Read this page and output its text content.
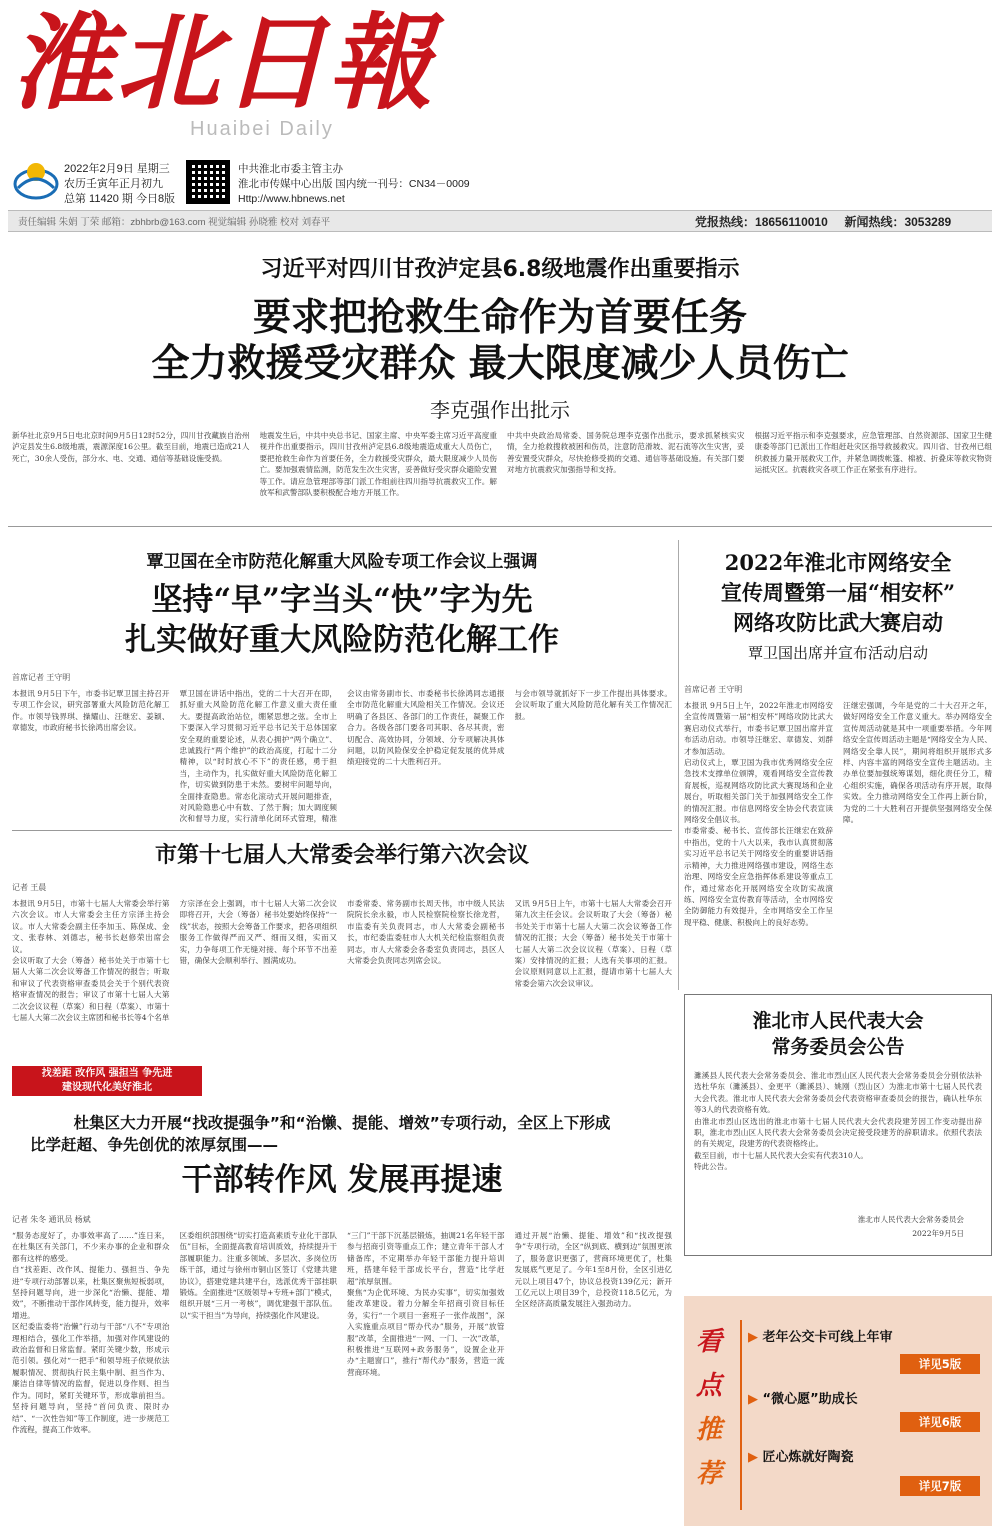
淮北日報
Huaibei Daily
2022年2月9日 星期三
农历壬寅年正月初九
总第 11420 期 今日8版
中共淮北市委主管主办
淮北市传媒中心出版 国内统一刊号：CN34－0009
Http://www.hbnews.net
责任编辑 朱娟 丁荣 邮箱：zbhbrb@163.com 视觉编辑 孙晓雅 校对 刘春平	党报热线：18656110010 新闻热线：3053289
习近平对四川甘孜泸定县6.8级地震作出重要指示
要求把抢救生命作为首要任务
全力救援受灾群众 最大限度减少人员伤亡
李克强作出批示
新华社北京9月5日电北京时间9月5日12时52分，四川甘孜藏族自治州泸定县发生6.8级地震，震源深度16公里。截至目前，地震已造成21人死亡，30余人受伤，部分水、电、交通、通信等基础设施受损。
地震发生后，中共中央总书记、国家主席、中央军委主席习近平高度重视并作出重要指示，四川甘孜州泸定县6.8级地震造成重大人员伤亡，要把抢救生命作为首要任务，全力救援受灾群众，最大限度减少人员伤亡。要加强震情监测，防范发生次生灾害，妥善做好受灾群众避险安置等工作。请应急管理部等部门派工作组前往四川指导抗震救灾工作。解放军和武警部队要积极配合地方开展工作。
中共中央政治局常委、国务院总理李克强作出批示，要求抓紧核实灾情，全力抢救搜救被困和伤员，注意防范滑坡、泥石流等次生灾害，妥善安置受灾群众，尽快抢修受损的交通、通信等基础设施。有关部门要对地方抗震救灾加强指导和支持。
根据习近平指示和李克强要求，应急管理部、自然资源部、国家卫生健康委等部门已派出工作组赶赴灾区指导救援救灾。四川省、甘孜州已组织救援力量开展救灾工作，并紧急调拨帐篷、棉被、折叠床等救灾物资运抵灾区。抗震救灾各项工作正在紧张有序进行。
覃卫国在全市防范化解重大风险专项工作会议上强调
坚持“早”字当头“快”字为先
扎实做好重大风险防范化解工作
首席记者 王守明
本报讯 9月5日下午，市委书记覃卫国主持召开专项工作会议，研究部署重大风险防范化解工作。市领导钱界琪、操耀山、汪继宏、姜颖、章德发，市政府秘书长徐鸿出席会议。
覃卫国在讲话中指出，党的二十大召开在即，抓好重大风险防范化解工作意义重大责任重大。要提高政治站位，绷紧思想之弦。全市上下要深入学习贯彻习近平总书记关于总体国家安全观的重要论述，从表心拥护“两个确立”、忠诚践行“两个维护”的政治高度，打起十二分精神，以“时时放心不下”的责任感，勇于担当，主动作为，扎实做好重大风险防范化解工作，切实做到防患于未然。要树牢问题导向，全面排查隐患。常态化滚动式开展问题排查，对风险隐患心中有数、了然于胸；加大调度频次和督导力度，实行清单化闭环式管理，精准
会议由常务副市长、市委秘书长徐鸿同志通报全市防范化解重大风险相关工作情况。会议还明确了各县区、各部门的工作责任，凝聚工作合力。各级各部门要各司其职、各尽其责，密切配合、高效协同，分领域、分专项解决具体问题，以防风险保安全护稳定促发展的优异成绩迎接党的二十大胜利召开。
与会市领导就抓好下一步工作提出具体要求。会议听取了重大风险防范化解有关工作情况汇报。
2022年淮北市网络安全
宣传周暨第一届“相安杯”
网络攻防比武大赛启动
覃卫国出席并宣布活动启动
首席记者 王守明
本报讯 9月5日上午，2022年淮北市网络安全宣传周暨第一届“相安杯”网络攻防比武大赛启动仪式举行，市委书记覃卫国出席并宣布活动启动。市领导汪继宏、章德发、刘群才参加活动。
启动仪式上，覃卫国为我市优秀网络安全应急技术支撑单位颁牌，观看网络安全宣传教育展板，巡视网络攻防比武大赛现场和企业展台，听取相关部门关于加强网络安全工作的情况汇报。市信息网络安全协会代表宣读网络安全倡议书。
市委常委、秘书长、宣传部长汪继宏在致辞中指出，党的十八大以来，我市认真贯彻落实习近平总书记关于网络安全的重要讲话指示精神，大力推进网络强市建设，网络生态治理、网络安全应急指挥体系建设等重点工作，通过常态化开展网络安全攻防实战演练、网络安全宣传教育等活动，全市网络安全防御能力有效提升，全市网络安全工作呈现平稳、健康、积极向上的良好态势。
汪继宏强调，今年是党的二十大召开之年，做好网络安全工作意义重大。举办网络安全宣传周活动就是其中一项重要举措。今年网络安全宣传周活动主题是“网络安全为人民、网络安全靠人民”，期间将组织开展形式多样、内容丰富的网络安全宣传主题活动。主办单位要加强统筹谋划，细化责任分工，精心组织实施，确保各项活动有序开展，取得实效。全力推动网络安全工作再上新台阶，为党的二十大胜利召开提供坚强网络安全保障。
市第十七届人大常委会举行第六次会议
记者 王晨
本报讯 9月5日，市第十七届人大常委会举行第六次会议。市人大常委会主任方宗泽主持会议。市人大常委会副主任李加玉、陈保成、金文、张春林、刘德志，秘书长赵修荣出席会议。
会议听取了大会（筹备）秘书处关于市第十七届人大第二次会议筹备工作情况的报告；听取和审议了代表资格审查委员会关于个别代表资格审查情况的报告；审议了市第十七届人大第二次会议议程（草案）和日程（草案）、市第十七届人大第二次会议主席团和秘书长等4个名单
方宗泽在会上强调，市十七届人大第二次会议即将召开，大会（筹备）秘书处要始终保持“一线”状态，按照大会筹备工作要求，把各项组织服务工作做得严而又严、细而又细，实而又实，力争每项工作无缝对接、每个环节不出差错，确保大会顺利举行、圆满成功。
市委常委、常务副市长周天伟，市中级人民法院院长余永毅，市人民检察院检察长徐龙哲，市监委有关负责同志，市人大常委会副秘书长，市纪委监委驻市人大机关纪检监察组负责同志，市人大常委会各委室负责同志，县区人大常委会负责同志列席会议。
又讯 9月5日上午，市第十七届人大常委会召开第九次主任会议。会议听取了大会（筹备）秘书处关于市第十七届人大第二次会议筹备工作情况的汇报；大会（筹备）秘书处关于市第十七届人大第二次会议议程（草案）、日程（草案）安排情况的汇报；人选有关事项的汇报。会议原则同意以上汇报，提请市第十七届人大常委会第六次会议审议。
淮北市人民代表大会
常务委员会公告
濉溪县人民代表大会常务委员会、淮北市烈山区人民代表大会常务委员会分别依法补选杜华东（濉溪县）、金更平（濉溪县）、姚刚（烈山区）为淮北市第十七届人民代表大会代表。淮北市人民代表大会常务委员会代表资格审查委员会的报告，确认杜华东等3人的代表资格有效。
由淮北市烈山区选出的淮北市第十七届人民代表大会代表段建芳因工作变动提出辞职，淮北市烈山区人民代表大会常务委员会决定接受段建芳的辞职请求。依照代表法的有关规定，段建芳的代表资格终止。
截至目前，市十七届人民代表大会实有代表310人。
特此公告。
淮北市人民代表大会常务委员会
2022年9月5日
找差距 改作风 强担当 争先进
建设现代化美好淮北
杜集区大力开展“找改提强争”和“治懒、提能、增效”专项行动，全区上下形成
比学赶超、争先创优的浓厚氛围——
干部转作风 发展再提速
记者 朱冬 通讯员 杨斌
“服务态度好了，办事效率高了……”连日来，在杜集区有关部门，不少来办事的企业和群众都有这样的感受。
自“找差距、改作风、提能力、强担当、争先进”专项行动部署以来，杜集区聚焦短板弱项，坚持问题导向，进一步深化“治懒、提能、增效”，不断推动干部作风转变，能力提升，效率增进。
区纪委监委将“治懒”行动与干部“八不”专项治理相结合，强化工作举措，加强对作风建设的政治监督和日常监督。紧盯关键少数，形成示范引领。强化对“一把手”和领导班子依规依法履职情况、贯彻执行民主集中制、担当作为、廉洁自律等情况的监督，促进以身作则、担当作为。同时，紧盯关键环节，形成靠前担当。坚持问题导向，坚持“首问负责、限时办结”、“一次性告知”等工作制度，进一步规范工作流程，提高工作效率。
区委组织部围绕“切实打造高素质专业化干部队伍”目标，全面提高教育培训质效，持续提升干部履职能力。注重多领域、多层次、多岗位历练干部，通过与徐州市铜山区签订《党建共建协议》，搭建党建共建平台，选派优秀干部挂职锻炼。全面推进“区级领导+专班+部门”模式，组织开展“三月一考核”，调优建强干部队伍。以“实干担当”为导向，持续强化作风建设。
“三门”干部下沉基层锻炼，抽调21名年轻干部参与招商引资等重点工作；建立青年干部人才储备库，不定期举办年轻干部能力提升培训班，搭建年轻干部成长平台，营造“比学赶超”浓厚氛围。
聚焦“为企优环境、为民办实事”，切实加强效能改革建设。着力分解全年招商引资目标任务，实行“一个项目一套班子一张作战图”，深入实施重点项目“帮办代办”服务，开展“放管服”改革，全面推进“一网、一门、一次”改革，积极推进“互联网+政务服务”，设置企业开办“主题窗口”，推行“帮代办”服务，营造一流营商环境。
通过开展“治懒、提能、增效”和“找改提强争”专项行动，全区“纵到底、横到边”氛围更浓了，服务意识更强了，营商环境更优了，杜集发展底气更足了。今年1至8月份，全区引进亿元以上项目47个，协议总投资139亿元；新开工亿元以上项目39个，总投资118.5亿元，为全区经济高质量发展注入强劲动力。
看
点
推
荐
▶ 老年公交卡可线上年审
详见5版
▶ “微心愿”助成长
详见6版
▶ 匠心炼就好陶瓷
详见7版
